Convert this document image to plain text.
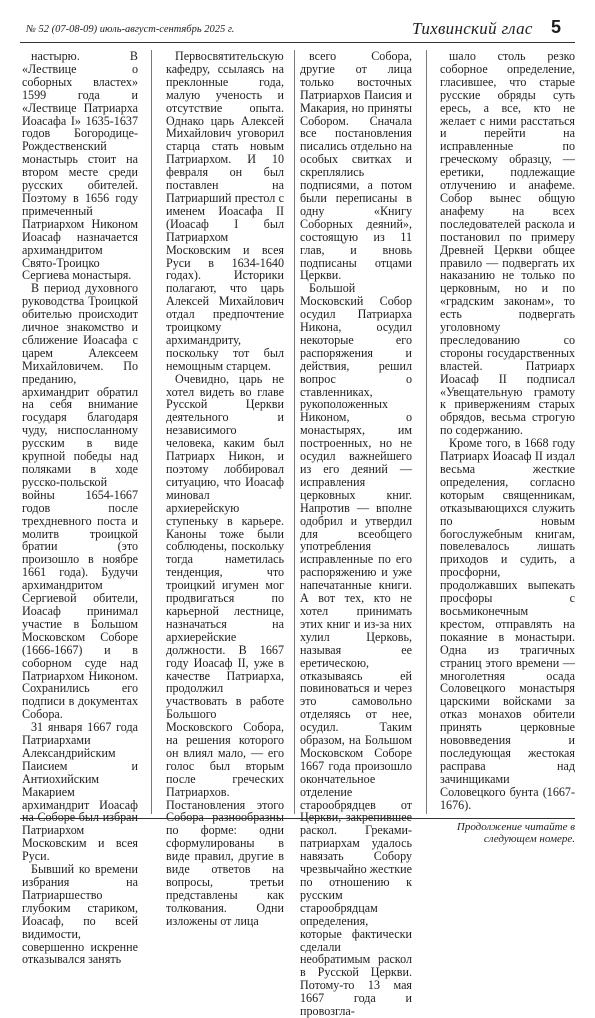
№ 52 (07-08-09) июль-август-сентябрь 2025 г.	Тихвинский глас	5

настырю. В «Лествице о соборных властех» 1599 года и «Лествице Патриарха Иоасафа I» 1635-1637 годов Богородице-Рождественский монастырь стоит на втором месте среди русских обителей. Поэтому в 1656 году примеченный Патриархом Никоном Иоасаф назначается архимандритом Свято-Троицко Сергиева монастыря.

В период духовного руководства Троицкой обителью происходит личное знакомство и сближение Иоасафа с царем Алексеем Михайловичем. По преданию, архимандрит обратил на себя внимание государя благодаря чуду, ниспосланному русским в виде крупной победы над поляками в ходе русско-польской войны 1654-1667 годов после трехдневного поста и молитв троицкой братии (это произошло в ноябре 1661 года). Будучи архимандритом Сергиевой обители, Иоасаф принимал участие в Большом Московском Соборе (1666-1667) и в соборном суде над Патриархом Никоном. Сохранились его подписи в документах Собора.

31 января 1667 года Патриархами Александрийским Паисием и Антиохийским Макарием архимандрит Иоасаф на Соборе был избран Патриархом Московским и всея Руси.

Бывший ко времени избрания на Патриаршество глубоким стариком, Иоасаф, по всей видимости, совершенно искренне отказывался занять

Первосвятительскую кафедру, ссылаясь на преклонные года, малую ученость и отсутствие опыта. Однако царь Алексей Михайлович уговорил старца стать новым Патриархом. И 10 февраля он был поставлен на Патриарший престол с именем Иоасафа II (Иоасаф I был Патриархом Московским и всея Руси в 1634-1640 годах). Историки полагают, что царь Алексей Михайлович отдал предпочтение троицкому архимандриту, поскольку тот был немощным старцем.

Очевидно, царь не хотел видеть во главе Русской Церкви деятельного и независимого человека, каким был Патриарх Никон, и поэтому лоббировал ситуацию, что Иоасаф миновал архиерейскую ступеньку в карьере. Каноны тоже были соблюдены, поскольку тогда наметилась тенденция, что троицкий игумен мог продвигаться по карьерной лестнице, назначаться на архиерейские должности. В 1667 году Иоасаф II, уже в качестве Патриарха, продолжил участвовать в работе Большого Московского Собора, на решения которого он влиял мало, — его голос был вторым после греческих Патриархов. Постановления этого Собора разнообразны по форме: одни сформулированы в виде правил, другие в виде ответов на вопросы, третьи представлены как толкования. Одни изложены от лица

всего Собора, другие от лица только восточных Патриархов Паисия и Макария, но приняты Собором. Сначала все постановления писались отдельно на особых свитках и скреплялись подписями, а потом были переписаны в одну «Книгу Соборных деяний», состоящую из 11 глав, и вновь подписаны отцами Церкви.

Большой Московский Собор осудил Патриарха Никона, осудил некоторые его распоряжения и действия, решил вопрос о ставленниках, рукоположенных Никоном, о монастырях, им построенных, но не осудил важнейшего из его деяний — исправления церковных книг. Напротив — вполне одобрил и утвердил для всеобщего употребления исправленные по его распоряжению и уже напечатанные книги. А вот тех, кто не хотел принимать этих книг и из-за них хулил Церковь, называя ее еретическою, отказываясь ей повиноваться и через это самовольно отделяясь от нее, осудил. Таким образом, на Большом Московском Соборе 1667 года произошло окончательное отделение старообрядцев от Церкви, закрепившее раскол. Греками-патриархам удалось навязать Собору чрезвычайно жесткие по отношению к русским старообрядцам определения, которые фактически сделали необратимым раскол в Русской Церкви. Потому-то 13 мая 1667 года и провозгла-

шало столь резко соборное определение, гласившее, что старые русские обряды суть ересь, а все, кто не желает с ними расстаться и перейти на исправленные по греческому образцу, — еретики, подлежащие отлучению и анафеме. Собор вынес общую анафему на всех последователей раскола и постановил по примеру Древней Церкви общее правило — подвергать их наказанию не только по церковным, но и по «градским законам», то есть подвергать уголовному преследованию со стороны государственных властей. Патриарх Иоасаф II подписал «Увещательную грамоту к привержениям старых обрядов, весьма строгую по содержанию.

Кроме того, в 1668 году Патриарх Иоасаф II издал весьма жесткие определения, согласно которым священникам, отказывающихся служить по новым богослужебным книгам, повелевалось лишать приходов и судить, а просфорни, продолжавших выпекать просфоры с восьмиконечным крестом, отправлять на покаяние в монастыри. Одна из трагичных страниц этого времени — многолетняя осада Соловецкого монастыря царскими войсками за отказ монахов обители принять церковные нововведения и последующая жестокая расправа над зачинщиками Соловецкого бунта (1667-1676).

Продолжение читайте в следующем номере.
